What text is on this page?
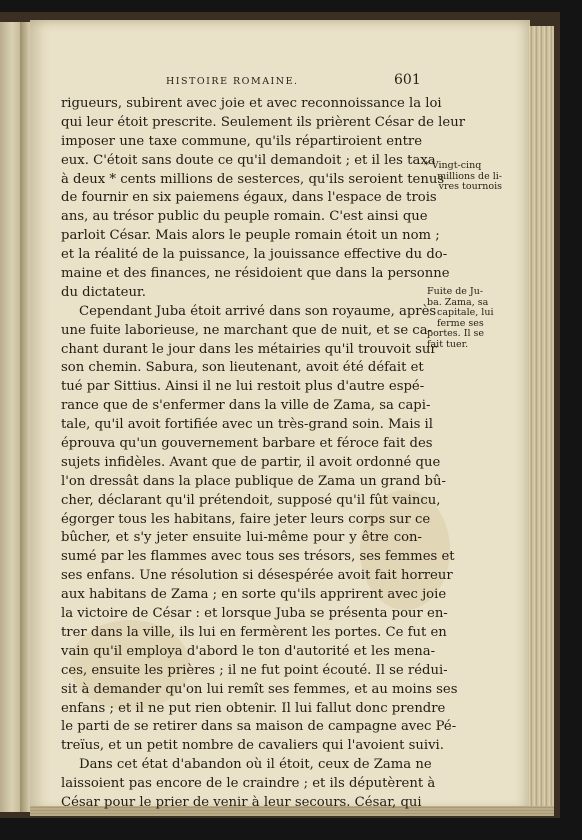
HISTOIRE ROMAINE.	601
rigueurs, subirent avec joie et avec reconnoissance la loi
qui leur étoit prescrite. Seulement ils prièrent César de leur
imposer une taxe commune, qu'ils répartiroient entre
eux. C'étoit sans doute ce qu'il demandoit ; et il les taxa
à deux * cents millions de sesterces, qu'ils seroient tenus
de fournir en six paiemens égaux, dans l'espace de trois
ans, au trésor public du peuple romain. C'est ainsi que
parloit César. Mais alors le peuple romain étoit un nom ;
et la réalité de la puissance, la jouissance effective du do-
maine et des finances, ne résidoient que dans la personne
du dictateur.
Cependant Juba étoit arrivé dans son royaume, après
une fuite laborieuse, ne marchant que de nuit, et se ca-
chant durant le jour dans les métairies qu'il trouvoit sur
son chemin. Sabura, son lieutenant, avoit été défait et
tué par Sittius. Ainsi il ne lui restoit plus d'autre espé-
rance que de s'enfermer dans la ville de Zama, sa capi-
tale, qu'il avoit fortifiée avec un très-grand soin. Mais il
éprouva qu'un gouvernement barbare et féroce fait des
sujets infidèles. Avant que de partir, il avoit ordonné que
l'on dressât dans la place publique de Zama un grand bû-
cher, déclarant qu'il prétendoit, supposé qu'il fût vaincu,
égorger tous les habitans, faire jeter leurs corps sur ce
bûcher, et s'y jeter ensuite lui-même pour y être con-
sumé par les flammes avec tous ses trésors, ses femmes et
ses enfans. Une résolution si désespérée avoit fait horreur
aux habitans de Zama ; en sorte qu'ils apprirent avec joie
la victoire de César : et lorsque Juba se présenta pour en-
trer dans la ville, ils lui en fermèrent les portes. Ce fut en
vain qu'il employa d'abord le ton d'autorité et les mena-
ces, ensuite les prières ; il ne fut point écouté. Il se rédui-
sit à demander qu'on lui remît ses femmes, et au moins ses
enfans ; et il ne put rien obtenir. Il lui fallut donc prendre
le parti de se retirer dans sa maison de campagne avec Pé-
treïus, et un petit nombre de cavaliers qui l'avoient suivi.
Dans cet état d'abandon où il étoit, ceux de Zama ne
laissoient pas encore de le craindre ; et ils députèrent à
César pour le prier de venir à leur secours. César, qui
* Vingt-cinq
millions de li-
vres tournois
Fuite de Ju-
ba. Zama, sa
capitale, lui
ferme ses
portes. Il se
fait tuer.
